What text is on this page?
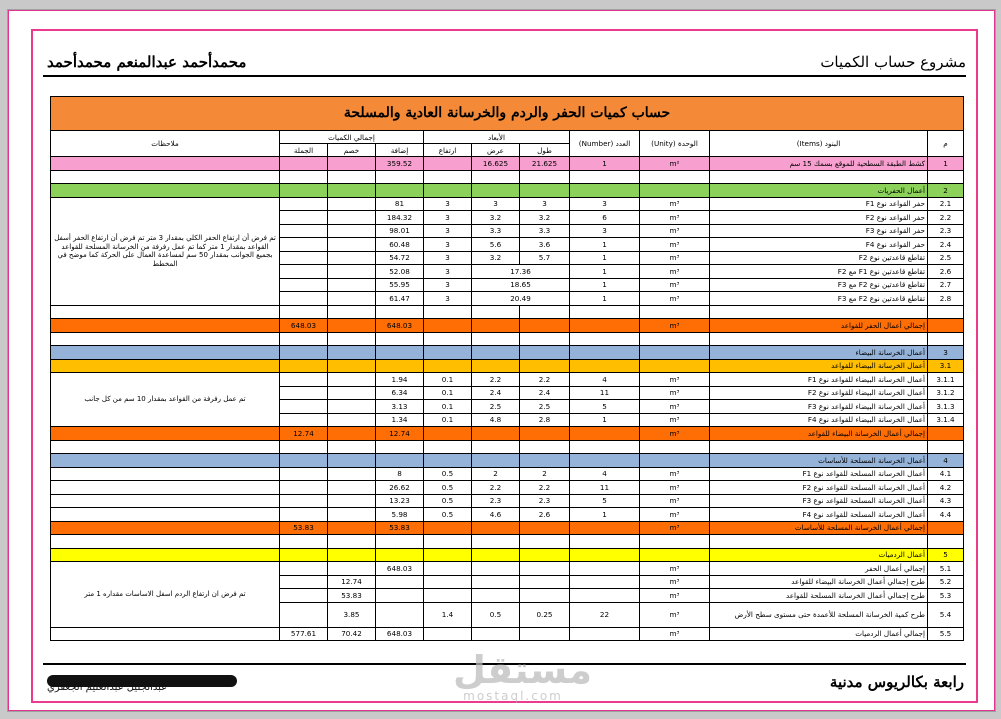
مشروع حساب الكميات
محمدأحمد عبدالمنعم محمدأحمد
رابعة بكالريوس مدنية
عبدالجليل عبدالعليم الجعفري	مستقل
mostaql.com
حساب كميات الحفر والردم والخرسانة العادية والمسلحة										
م	البنود (Items)	الوحدة (Unity)	العدد (Number)	الأبعاد			إجمالي الكميات			ملاحظات
				طول	عرض	ارتفاع	إضافة	خصم	الجملة	
1	كشط الطبقة السطحية للموقع بسمك 15 سم	m²	1	21.625	16.625		359.52			

2	أعمال الحفريات									
2.1	حفر القواعد نوع F1	m³	3	3	3	3	81			تم فرض أن ارتفاع الحفر الكلي بمقدار 3 متر تم فرض أن ارتفاع الحفر أسفل القواعد بمقدار 1 متر كما تم عمل رفرفة من الخرسانة المسلحة للقواعد بجميع الجوانب بمقدار 50 سم لمساعدة العمال على الحركة كما موضح في المخطط
2.2	حفر القواعد نوع F2	m³	6	3.2	3.2	3	184.32			
2.3	حفر القواعد نوع F3	m³	3	3.3	3.3	3	98.01			
2.4	حفر القواعد نوع F4	m³	1	3.6	5.6	3	60.48			
2.5	تقاطع قاعدتين نوع F2	m³	1	5.7	3.2	3	54.72			
2.6	تقاطع قاعدتين نوع F1 مع F2	m³	1	17.36		3	52.08			
2.7	تقاطع قاعدتين نوع F2 مع F3	m³	1	18.65		3	55.95			
2.8	تقاطع قاعدتين نوع F2 مع F3	m³	1	20.49		3	61.47			

	إجمالي أعمال الحفر للقواعد	m³					648.03		648.03	

3	أعمال الخرسانة البيضاء									
3.1	أعمال الخرسانة البيضاء للقواعد									
3.1.1	أعمال الخرسانة البيضاء للقواعد نوع F1	m³	4	2.2	2.2	0.1	1.94			تم عمل رفرفة من القواعد بمقدار 10 سم من كل جانب
3.1.2	أعمال الخرسانة البيضاء للقواعد نوع F2	m³	11	2.4	2.4	0.1	6.34			
3.1.3	أعمال الخرسانة البيضاء للقواعد نوع F3	m³	5	2.5	2.5	0.1	3.13			
3.1.4	أعمال الخرسانة البيضاء للقواعد نوع F4	m³	1	2.8	4.8	0.1	1.34			
	إجمالي أعمال الخرسانة البيضاء للقواعد	m³					12.74		12.74	

4	أعمال الخرسانة المسلحة للأساسات									
4.1	أعمال الخرسانة المسلحة للقواعد نوع F1	m³	4	2	2	0.5	8			
4.2	أعمال الخرسانة المسلحة للقواعد نوع F2	m³	11	2.2	2.2	0.5	26.62			
4.3	أعمال الخرسانة المسلحة للقواعد نوع F3	m³	5	2.3	2.3	0.5	13.23			
4.4	أعمال الخرسانة المسلحة للقواعد نوع F4	m³	1	2.6	4.6	0.5	5.98			
	إجمالي أعمال الخرسانة المسلحة للأساسات	m³					53.83		53.83	

5	أعمال الردميات									
5.1	إجمالي أعمال الحفر	m³					648.03			تم فرض ان ارتفاع الردم اسفل الاساسات مقداره 1 متر
5.2	طرح إجمالي أعمال الخرسانة البيضاء للقواعد	m³						12.74		
5.3	طرح إجمالي أعمال الخرسانة المسلحة للقواعد	m³						53.83		
5.4	طرح كمية الخرسانة المسلحة للأعمدة حتى مستوى سطح الأرض	m³	22	0.25	0.5	1.4		3.85		
5.5	إجمالي أعمال الردميات	m³					648.03	70.42	577.61	
